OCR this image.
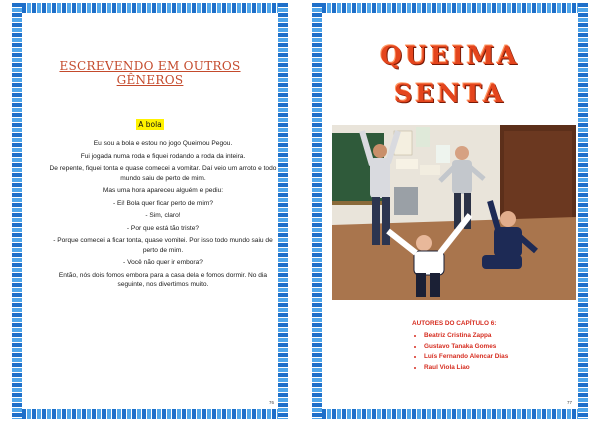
ESCREVENDO EM OUTROS GÊNEROS
A bola

Eu sou a bola e estou no jogo Queimou Pegou.

Fui jogada numa roda e fiquei rodando a roda da inteira.

De repente, fiquei tonta e quase comecei a vomitar. Daí veio um arroto e todo mundo saiu de perto de mim.

Mas uma hora apareceu alguém e pediu:

- Ei! Bola quer ficar perto de mim?

- Sim, claro!

- Por que está tão triste?

- Porque comecei a ficar tonta, quase vomitei. Por isso todo mundo saiu de perto de mim.

- Você não quer ir embora?

Então, nós dois fomos embora para a casa dela e fomos dormir. No dia seguinte, nos divertimos muito.

76
QUEIMA
SENTA
AUTORES DO CAPÍTULO 6:
• Beatriz Cristina Zappa
• Gustavo Tanaka Gomes
• Luís Fernando Alencar Dias
• Raul Viola Liao
77
